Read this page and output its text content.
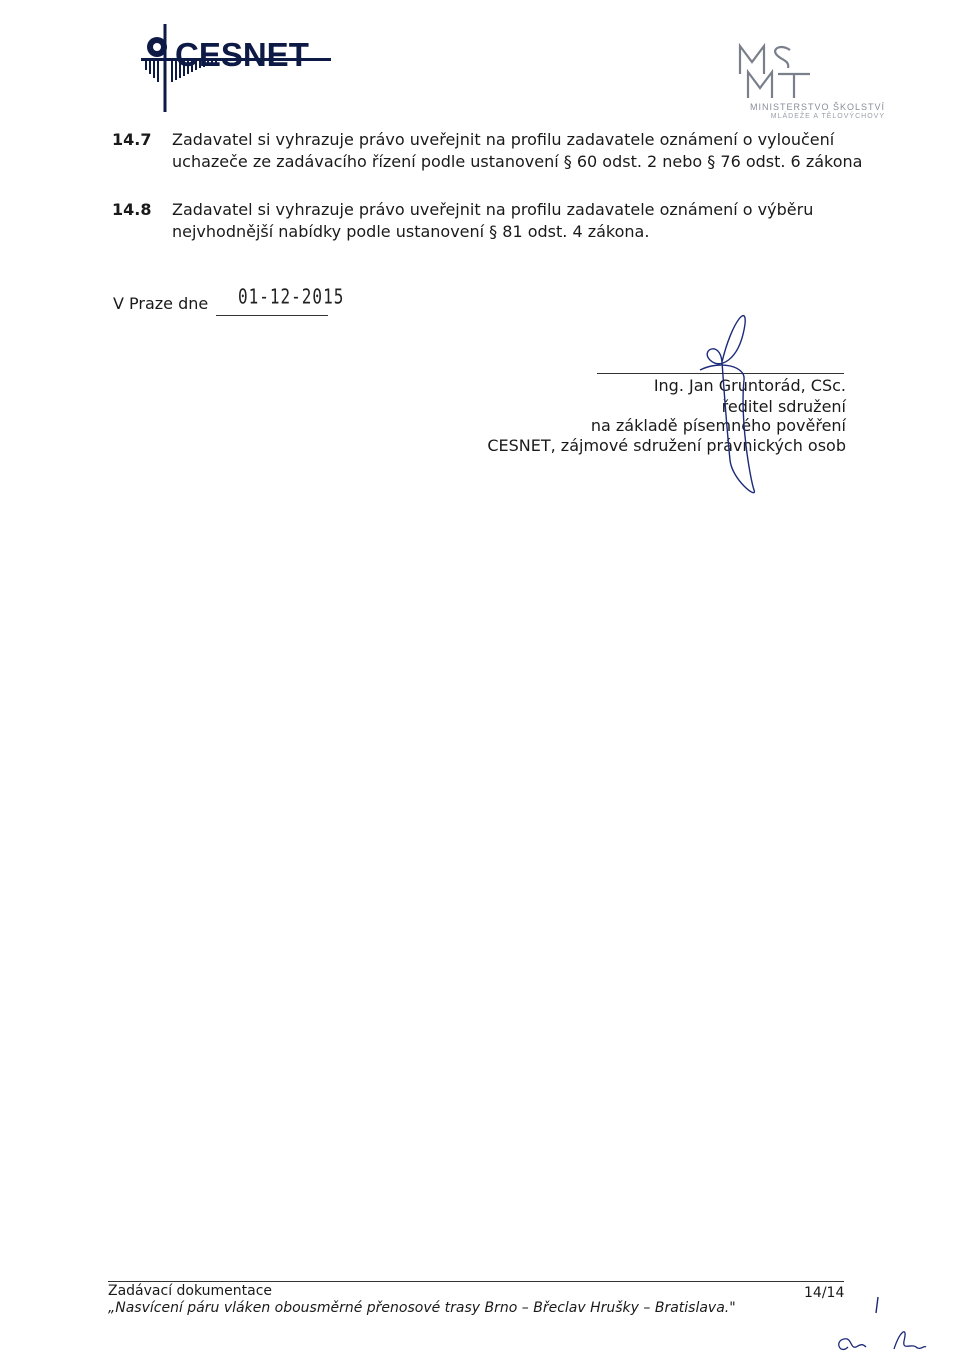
CESNET
MINISTERSTVO ŠKOLSTVÍ
MLÁDEŽE A TĚLOVÝCHOVY
14.7 Zadavatel si vyhrazuje právo uveřejnit na profilu zadavatele oznámení o vyloučení uchazeče ze zadávacího řízení podle ustanovení § 60 odst. 2 nebo § 76 odst. 6 zákona
14.8 Zadavatel si vyhrazuje právo uveřejnit na profilu zadavatele oznámení o výběru nejvhodnější nabídky podle ustanovení § 81 odst. 4 zákona.
V Praze dne 01-12-2015
Ing. Jan Gruntorád, CSc.
ředitel sdružení
na základě písemného pověření
CESNET, zájmové sdružení právnických osob
Zadávací dokumentace
„Nasvícení páru vláken obousměrné přenosové trasy Brno – Břeclav Hrušky – Bratislava."
14/14
